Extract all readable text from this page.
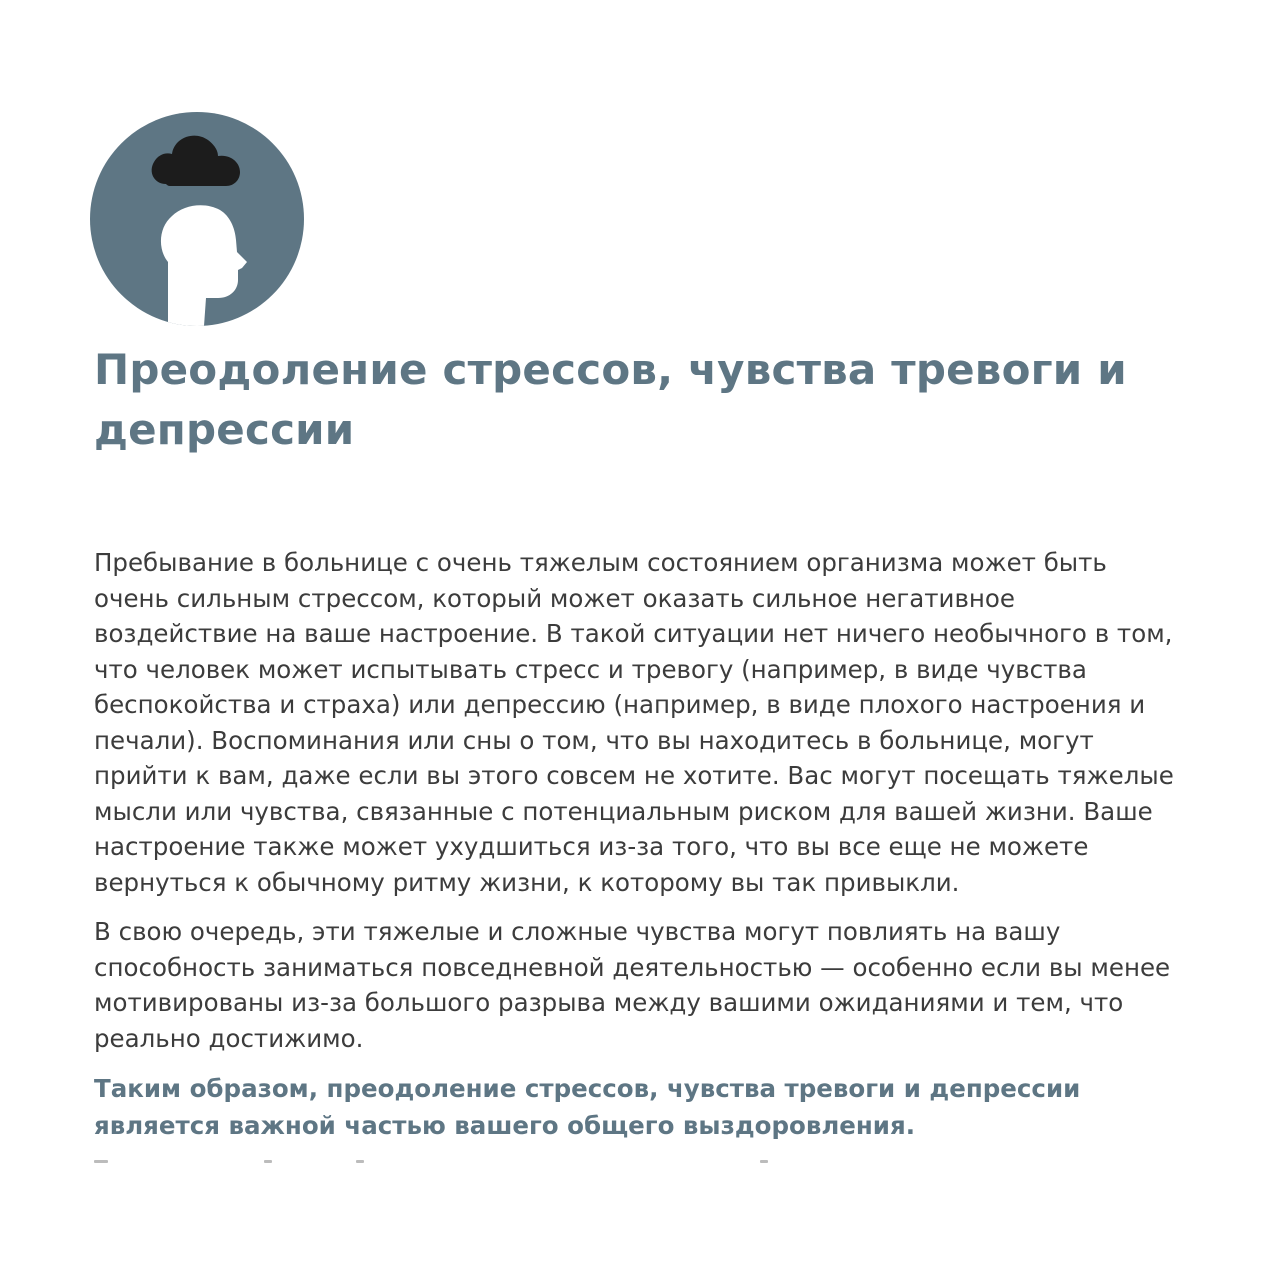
Преодоление стрессов, чувства тревоги и депрессии

Пребывание в больнице с очень тяжелым состоянием организма может быть очень сильным стрессом, который может оказать сильное негативное воздействие на ваше настроение. В такой ситуации нет ничего необычного в том, что человек может испытывать стресс и тревогу (например, в виде чувства беспокойства и страха) или депрессию (например, в виде плохого настроения и печали). Воспоминания или сны о том, что вы находитесь в больнице, могут прийти к вам, даже если вы этого совсем не хотите. Вас могут посещать тяжелые мысли или чувства, связанные с потенциальным риском для вашей жизни. Ваше настроение также может ухудшиться из-за того, что вы все еще не можете вернуться к обычному ритму жизни, к которому вы так привыкли.

В свою очередь, эти тяжелые и сложные чувства могут повлиять на вашу способность заниматься повседневной деятельностью — особенно если вы менее мотивированы из-за большого разрыва между вашими ожиданиями и тем, что реально достижимо.

Таким образом, преодоление стрессов, чувства тревоги и депрессии является важной частью вашего общего выздоровления.
